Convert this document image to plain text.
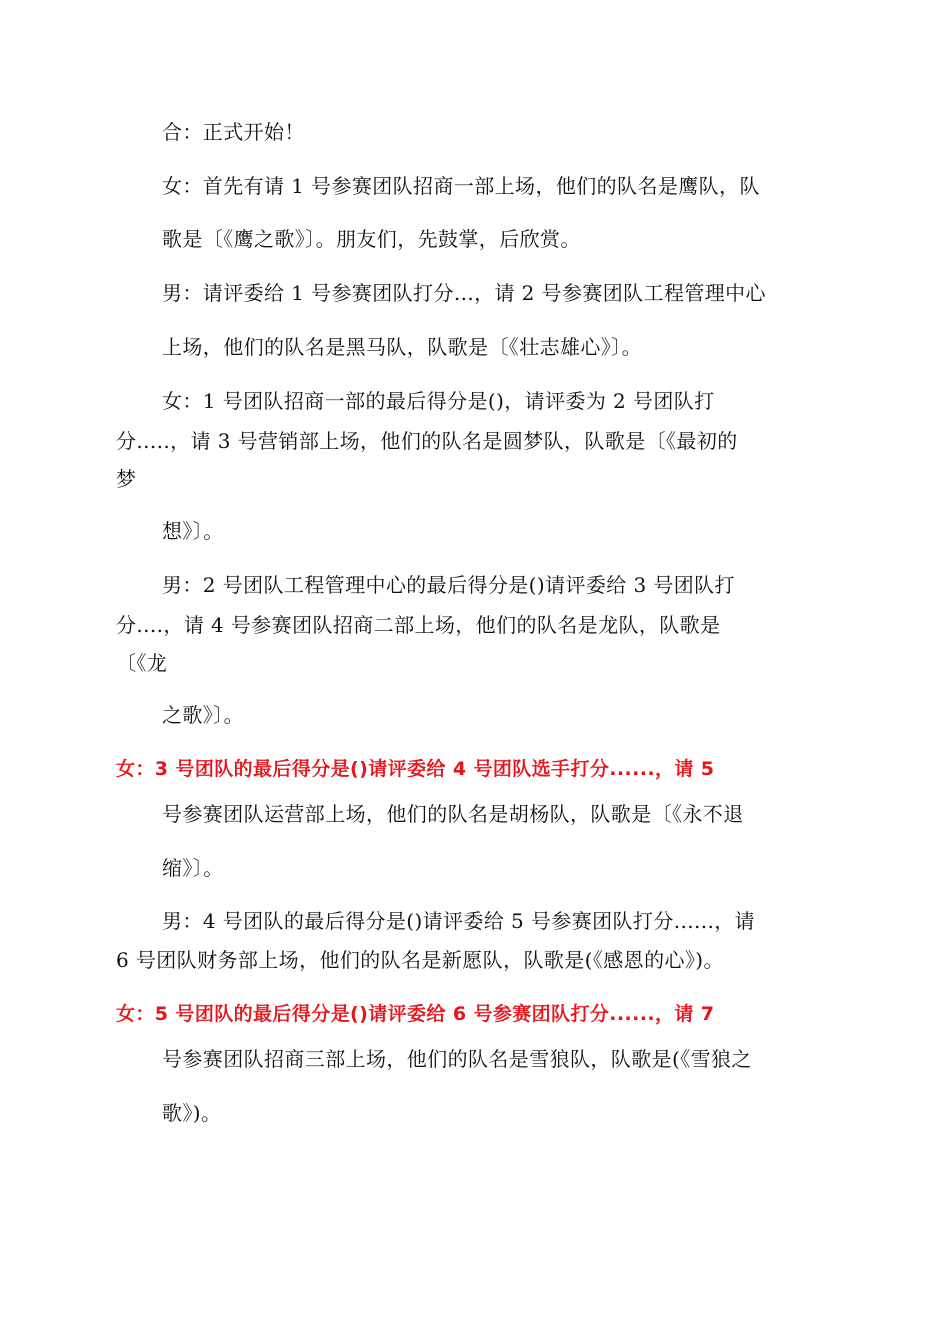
合：正式开始！
女：首先有请 1 号参赛团队招商一部上场，他们的队名是鹰队，队
歌是〔《鹰之歌》〕。朋友们，先鼓掌，后欣赏。
男：请评委给 1 号参赛团队打分...，请 2 号参赛团队工程管理中心
上场，他们的队名是黑马队，队歌是〔《壮志雄心》〕。
女：1 号团队招商一部的最后得分是()，请评委为 2 号团队打
分.....，请 3 号营销部上场，他们的队名是圆梦队，队歌是〔《最初的
梦
想》〕。
男：2 号团队工程管理中心的最后得分是()请评委给 3 号团队打
分....，请 4 号参赛团队招商二部上场，他们的队名是龙队，队歌是
〔《龙
之歌》〕。
女：3 号团队的最后得分是()请评委给 4 号团队选手打分......，请 5
号参赛团队运营部上场，他们的队名是胡杨队，队歌是〔《永不退
缩》〕。
男：4 号团队的最后得分是()请评委给 5 号参赛团队打分......，请
6 号团队财务部上场，他们的队名是新愿队，队歌是(《感恩的心》)。
女：5 号团队的最后得分是()请评委给 6 号参赛团队打分......，请 7
号参赛团队招商三部上场，他们的队名是雪狼队，队歌是(《雪狼之
歌》)。
